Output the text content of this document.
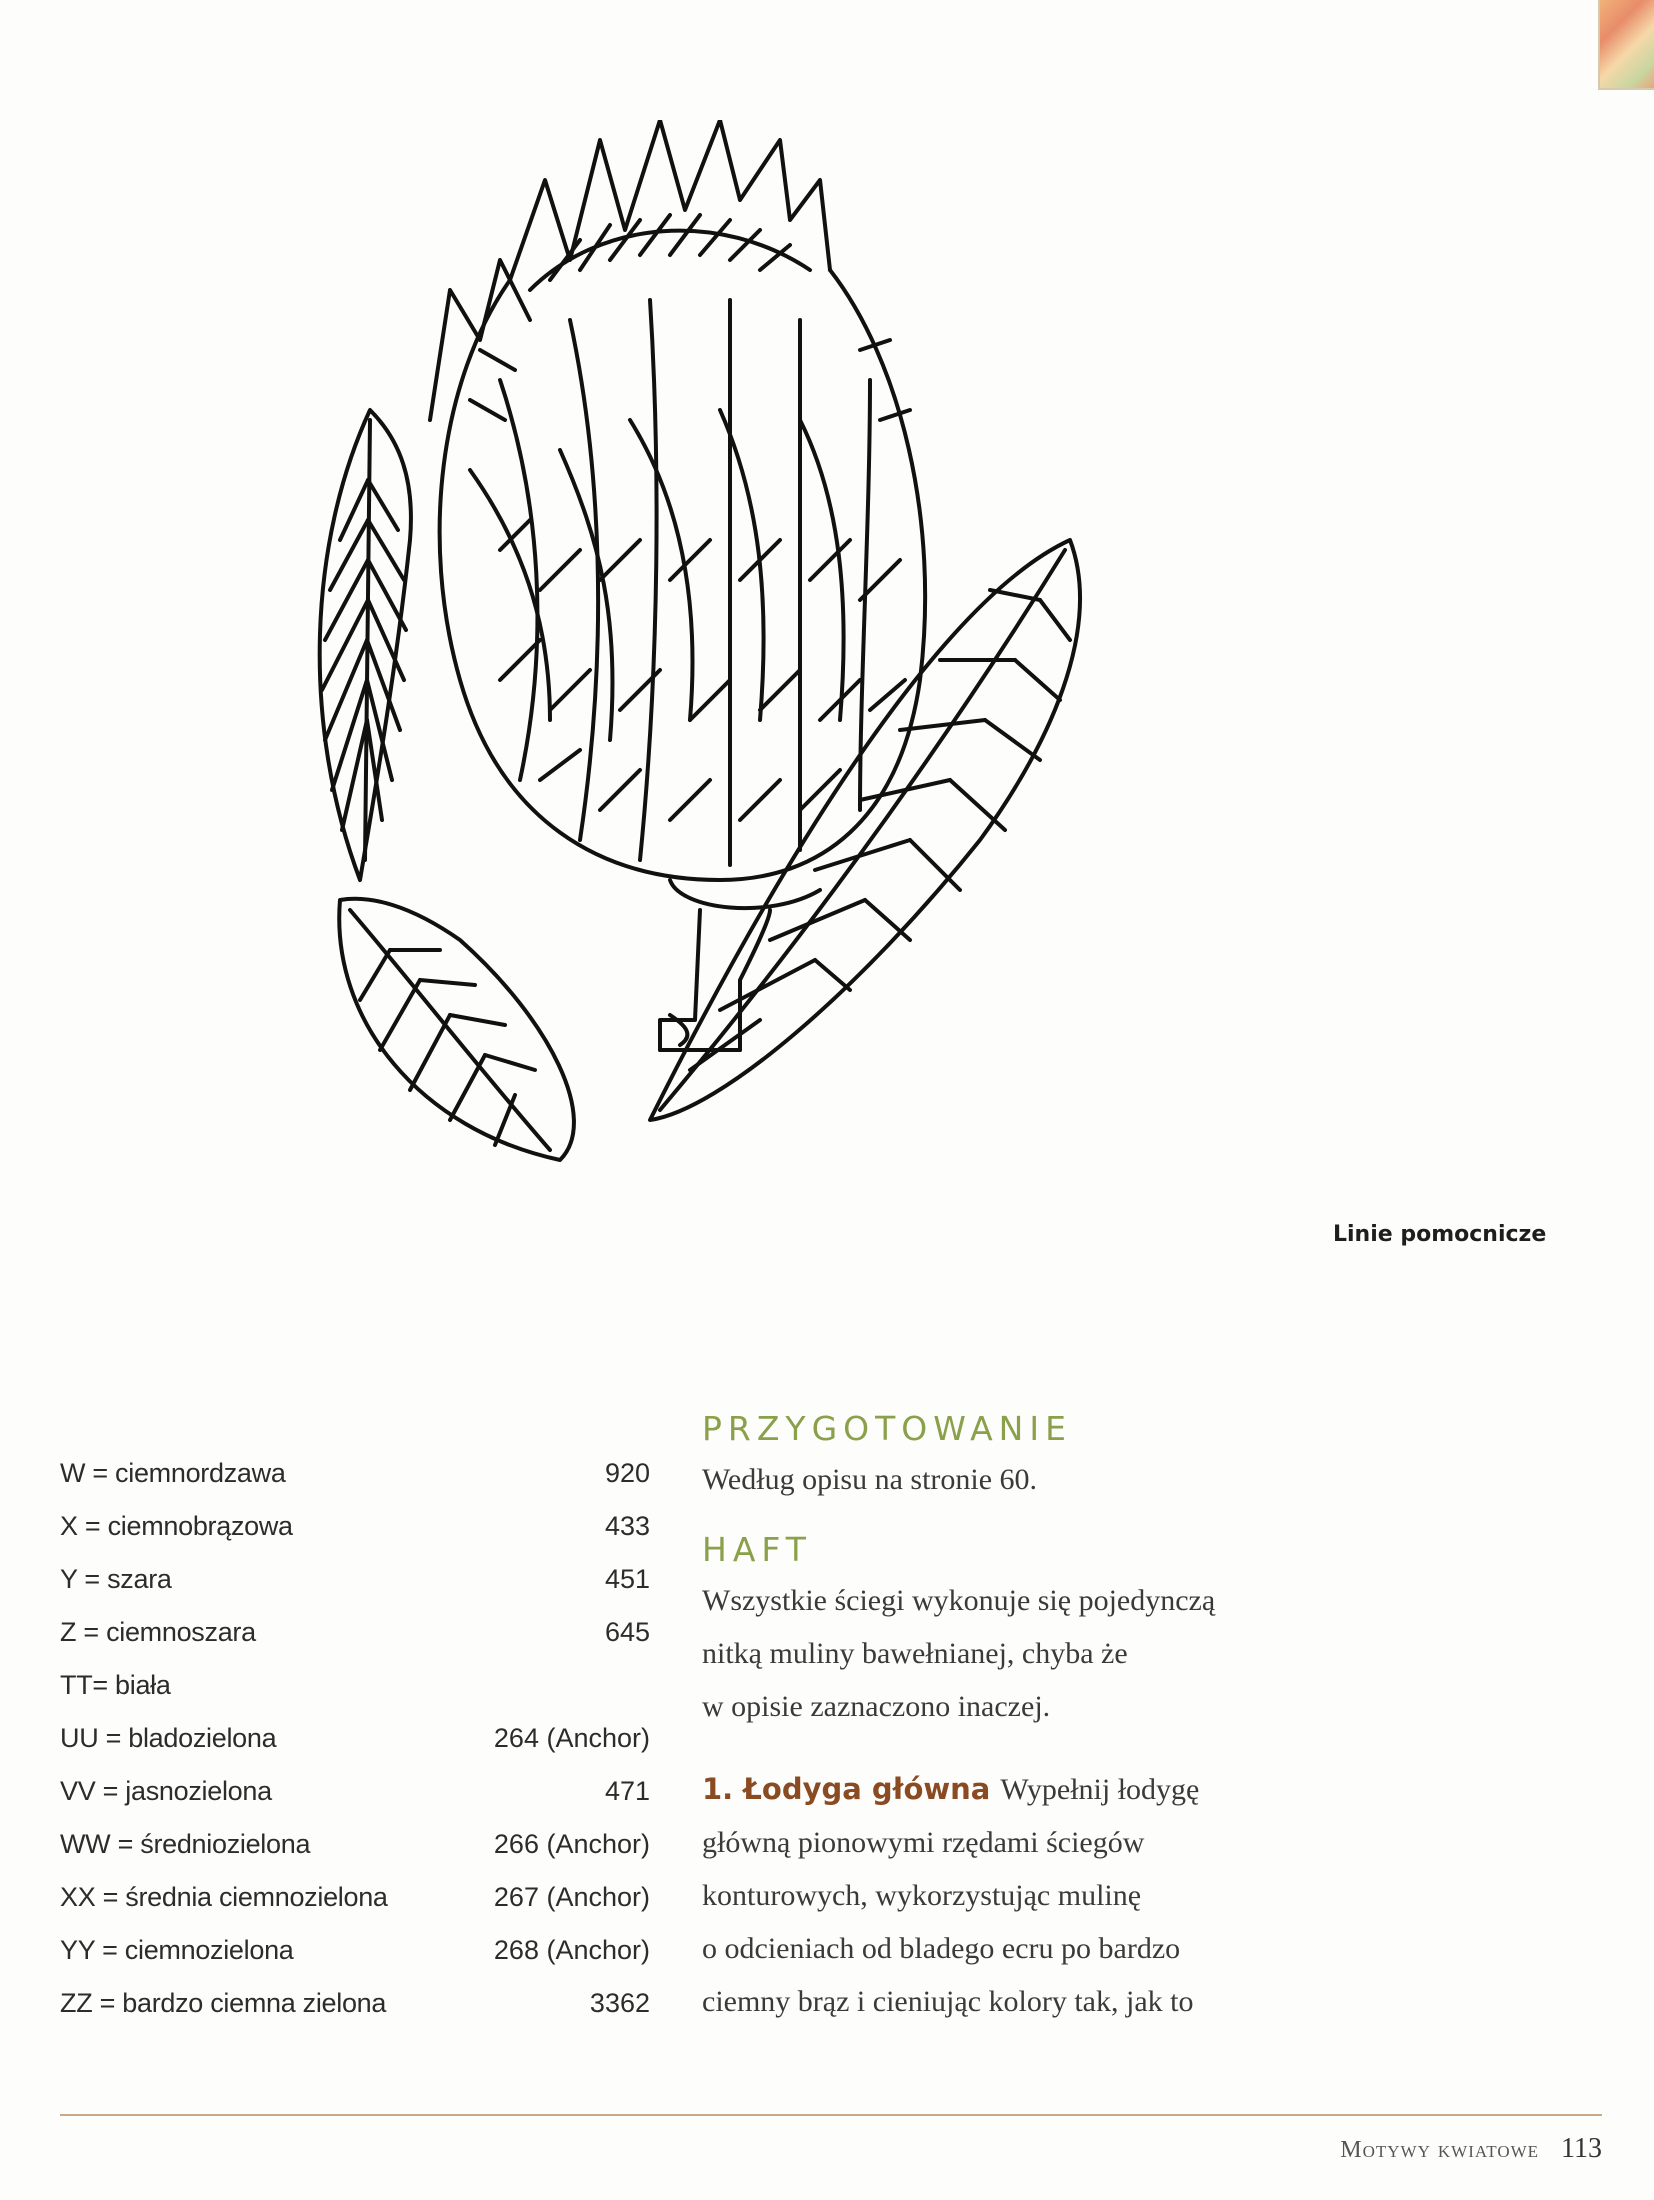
Linie pomocnicze
W = ciemnordzawa	920
X = ciemnobrązowa	433
Y = szara	451
Z = ciemnoszara	645
TT= biała
UU = bladozielona	264 (Anchor)
VV = jasnozielona	471
WW = średniozielona	266 (Anchor)
XX = średnia ciemnozielona	267 (Anchor)
YY = ciemnozielona	268 (Anchor)
ZZ = bardzo ciemna zielona	3362
PRZYGOTOWANIE

Według opisu na stronie 60.

HAFT

Wszystkie ściegi wykonuje się pojedynczą

nitką muliny bawełnianej, chyba że

w opisie zaznaczono inaczej.

1. Łodyga główna Wypełnij łodygę

główną pionowymi rzędami ściegów

konturowych, wykorzystując mulinę

o odcieniach od bladego ecru po bardzo

ciemny brąz i cieniując kolory tak, jak to

Motywy kwiatowe 113
